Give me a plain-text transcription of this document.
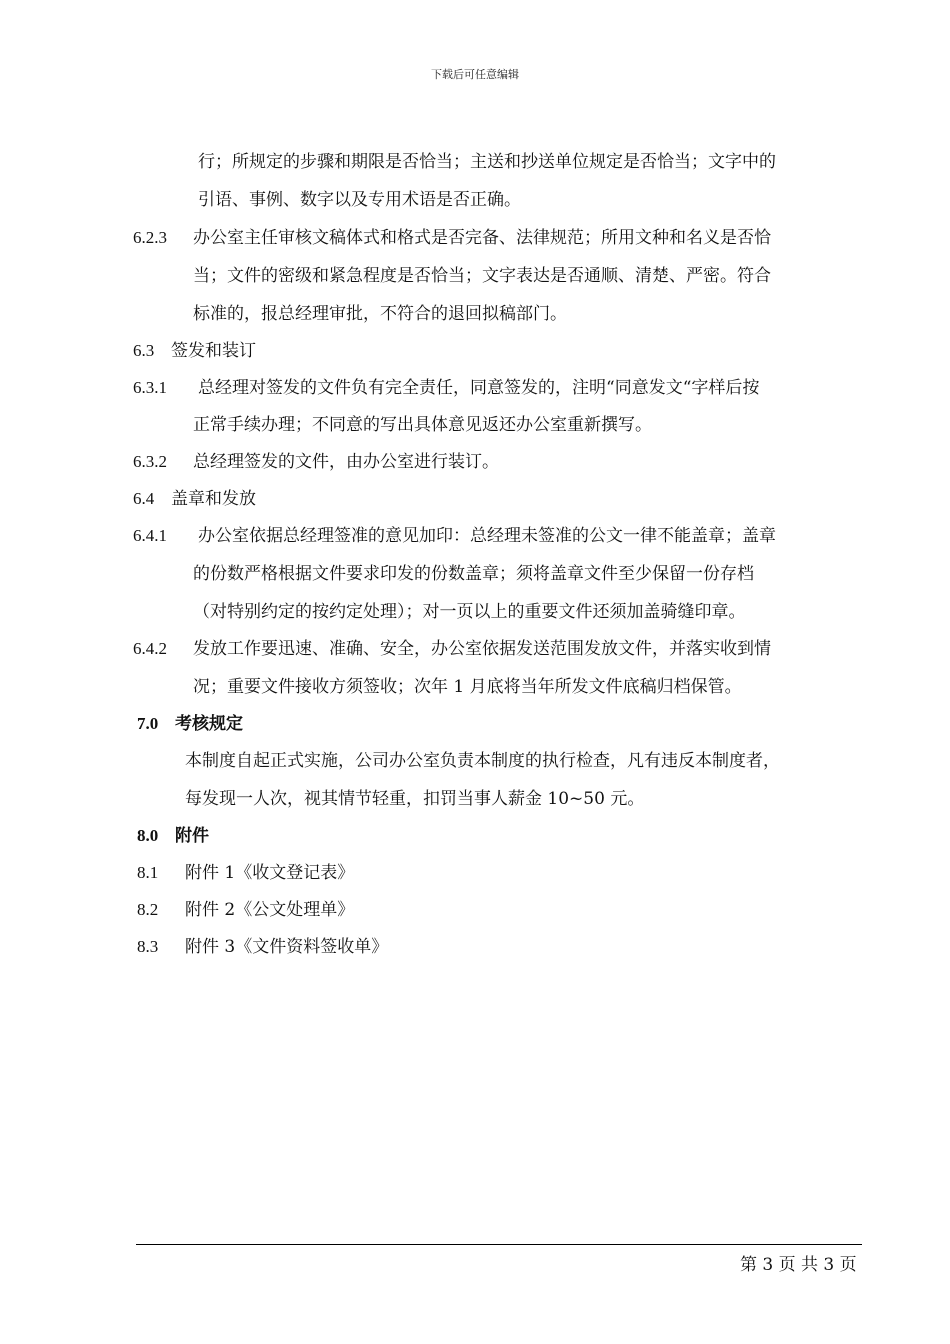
下载后可任意编辑
行；所规定的步骤和期限是否恰当；主送和抄送单位规定是否恰当；文字中的
引语、事例、数字以及专用术语是否正确。
6.2.3 办公室主任审核文稿体式和格式是否完备、法律规范；所用文种和名义是否恰
当；文件的密级和紧急程度是否恰当；文字表达是否通顺、清楚、严密。符合
标准的，报总经理审批，不符合的退回拟稿部门。
6.3 签发和装订
6.3.1 总经理对签发的文件负有完全责任，同意签发的，注明“同意发文“字样后按
正常手续办理；不同意的写出具体意见返还办公室重新撰写。
6.3.2 总经理签发的文件，由办公室进行装订。
6.4 盖章和发放
6.4.1 办公室依据总经理签准的意见加印：总经理未签准的公文一律不能盖章；盖章
的份数严格根据文件要求印发的份数盖章；须将盖章文件至少保留一份存档
（对特别约定的按约定处理）；对一页以上的重要文件还须加盖骑缝印章。
6.4.2 发放工作要迅速、准确、安全，办公室依据发送范围发放文件，并落实收到情
况；重要文件接收方须签收；次年 1 月底将当年所发文件底稿归档保管。
7.0 考核规定
本制度自起正式实施，公司办公室负责本制度的执行检查，凡有违反本制度者，
每发现一人次，视其情节轻重，扣罚当事人薪金 10~50 元。
8.0 附件
8.1 附件 1《收文登记表》
8.2 附件 2《公文处理单》
8.3 附件 3《文件资料签收单》
第 3 页 共 3 页
